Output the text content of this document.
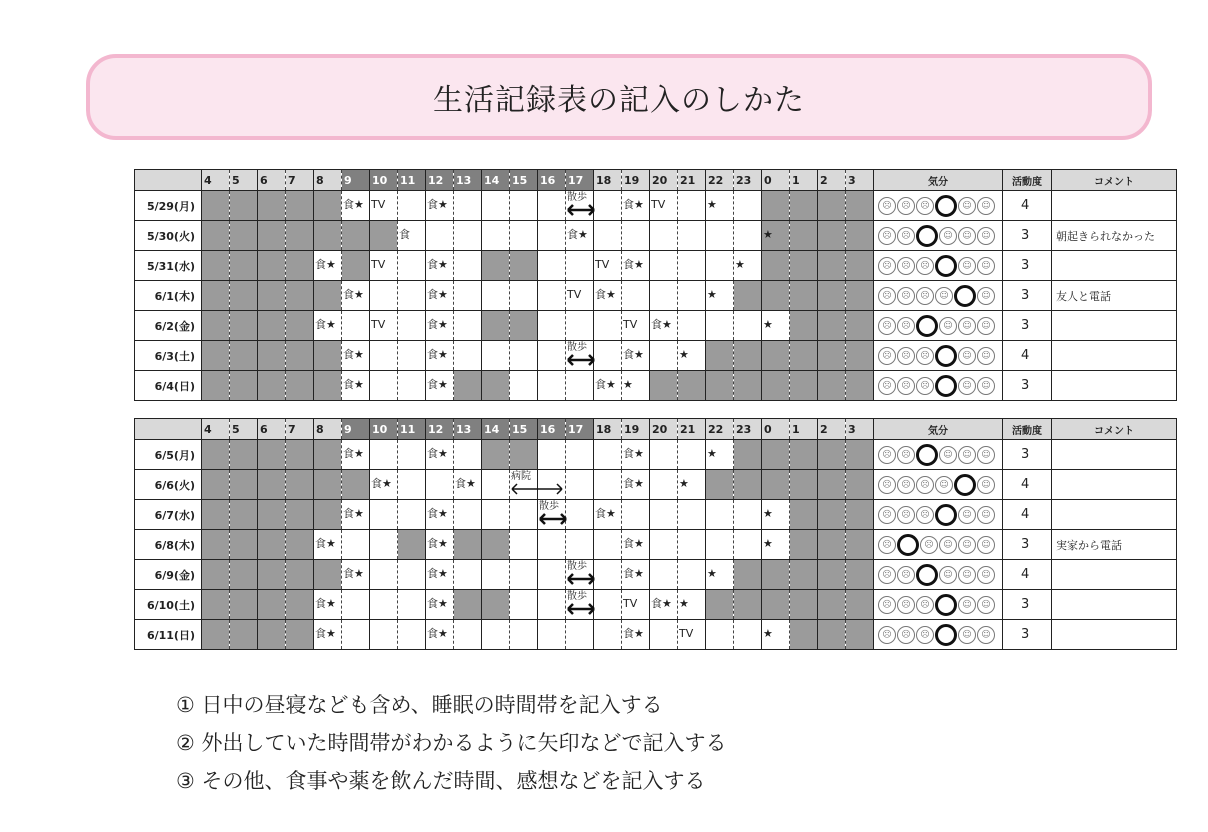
生活記録表の記入のしかた
	4	5	6	7	8	9	10	11	12	13	14	15	16	17	18	19	20	21	22	23	0	1	2	3	気分	活動度	コメント
5/29(月)						食★	TV		食★					散歩		食★	TV		★						☹ ☹ ☹ ☺ ☺	4	
5/30(火)								食						食★							★				☹ ☹ ☺ ☺ ☺	3	朝起きられなかった
5/31(水)					食★		TV		食★						TV	食★				★					☹ ☹ ☹ ☺ ☺	3	
6/1(木)						食★			食★					TV	食★				★						☹ ☹ ☹ ☺ ☺	3	友人と電話
6/2(金)					食★		TV		食★							TV	食★				★				☹ ☹ ☺ ☺ ☺	3	
6/3(土)						食★			食★					散歩		食★		★							☹ ☹ ☹ ☺ ☺	4	
6/4(日)						食★			食★						食★	★									☹ ☹ ☹ ☺ ☺	3	
	4	5	6	7	8	9	10	11	12	13	14	15	16	17	18	19	20	21	22	23	0	1	2	3	気分	活動度	コメント
6/5(月)						食★			食★							食★			★						☹ ☹ ☺ ☺ ☺	3	
6/6(火)							食★			食★		病院				食★		★							☹ ☹ ☹ ☺ ☺	4	
6/7(水)						食★			食★				散歩		食★						★				☹ ☹ ☹ ☺ ☺	4	
6/8(木)					食★				食★							食★					★				☹ ☹ ☺ ☺ ☺	3	実家から電話
6/9(金)						食★			食★					散歩		食★			★						☹ ☹ ☺ ☺ ☺	4	
6/10(土)					食★				食★					散歩		TV	食★	★							☹ ☹ ☹ ☺ ☺	3	
6/11(日)					食★				食★							食★		TV			★				☹ ☹ ☹ ☺ ☺	3	
① 日中の昼寝なども含め、睡眠の時間帯を記入する
② 外出していた時間帯がわかるように矢印などで記入する
③ その他、食事や薬を飲んだ時間、感想などを記入する
